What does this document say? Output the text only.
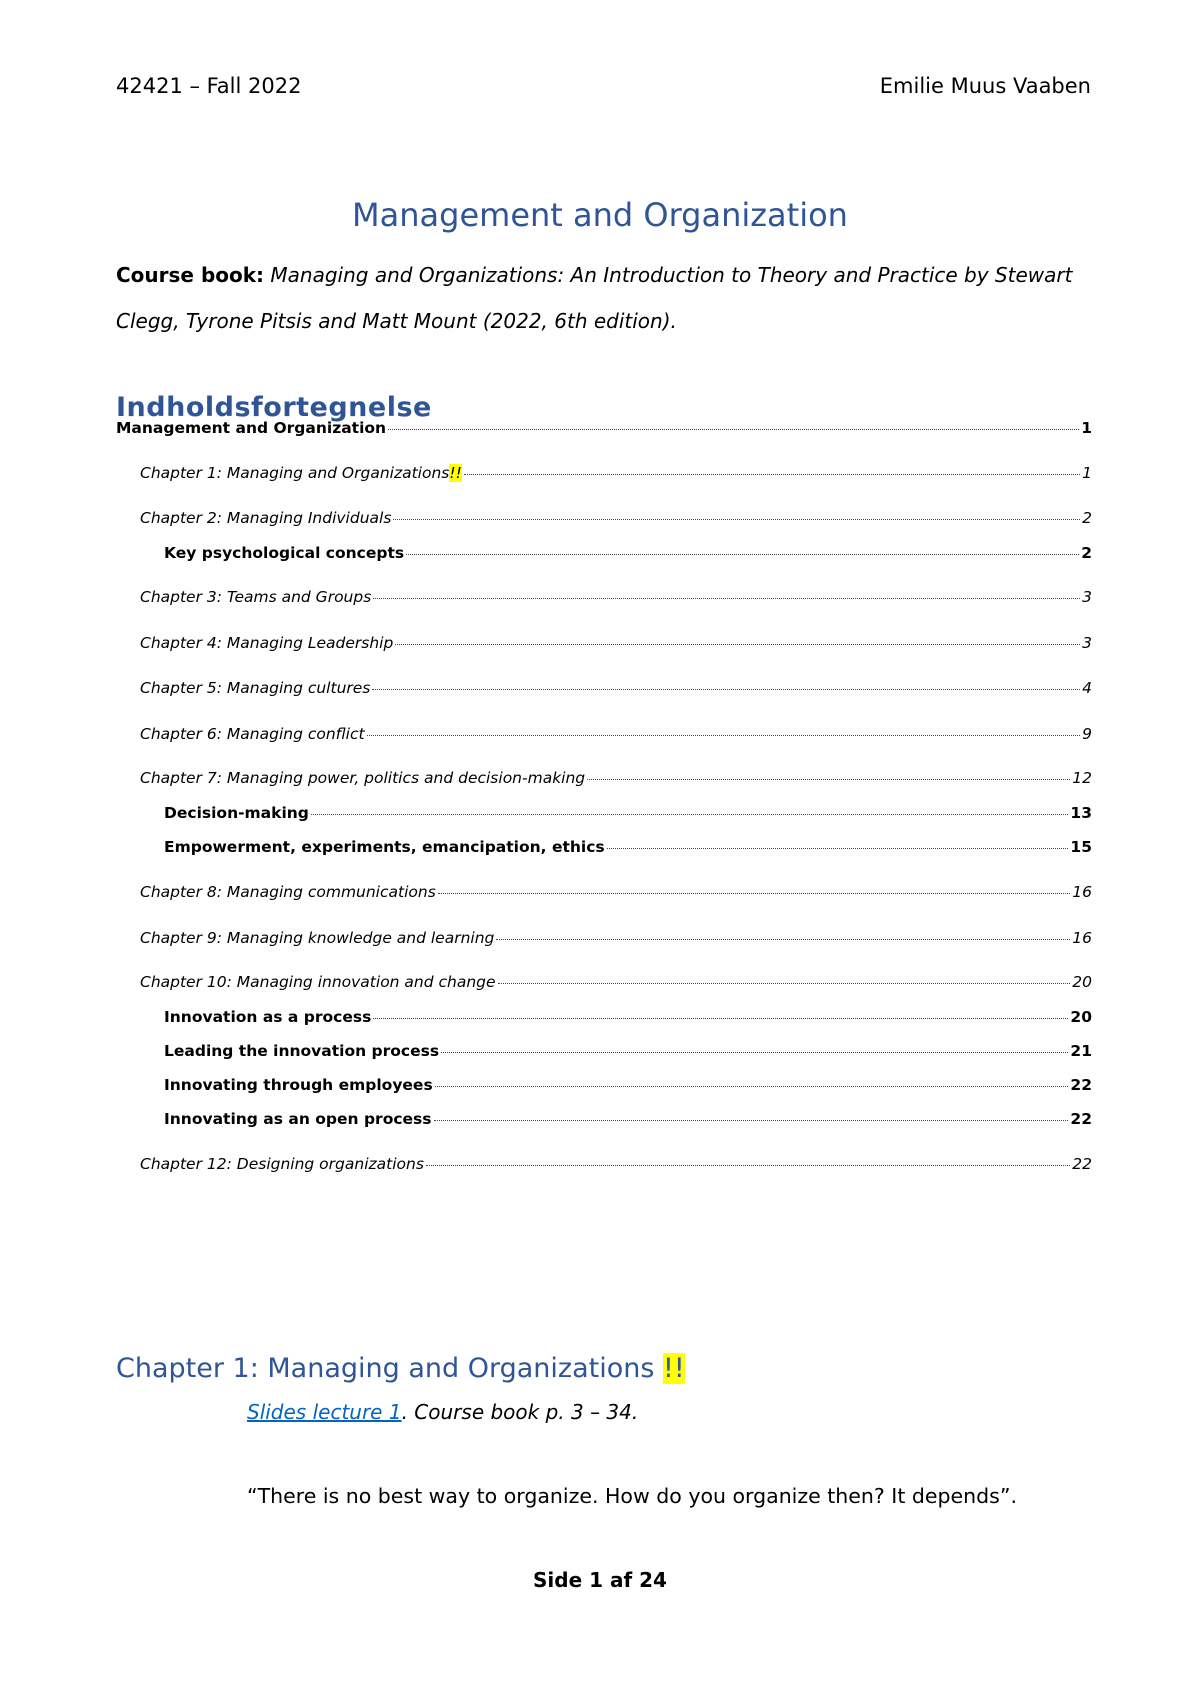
42421 – Fall 2022	Emilie Muus Vaaben
Management and Organization
Course book: Managing and Organizations: An Introduction to Theory and Practice by Stewart
Clegg, Tyrone Pitsis and Matt Mount (2022, 6th edition).
Indholdsfortegnelse
Management and Organization	1
Chapter 1: Managing and Organizations !!	1
Chapter 2: Managing Individuals	2
Key psychological concepts	2
Chapter 3: Teams and Groups	3
Chapter 4: Managing Leadership	3
Chapter 5: Managing cultures	4
Chapter 6: Managing conflict	9
Chapter 7: Managing power, politics and decision-making	12
Decision-making	13
Empowerment, experiments, emancipation, ethics	15
Chapter 8: Managing communications	16
Chapter 9: Managing knowledge and learning	16
Chapter 10: Managing innovation and change	20
Innovation as a process	20
Leading the innovation process	21
Innovating through employees	22
Innovating as an open process	22
Chapter 12: Designing organizations	22
Chapter 1: Managing and Organizations !!
Slides lecture 1. Course book p. 3 – 34.
“There is no best way to organize. How do you organize then? It depends”.
Side 1 af 24
